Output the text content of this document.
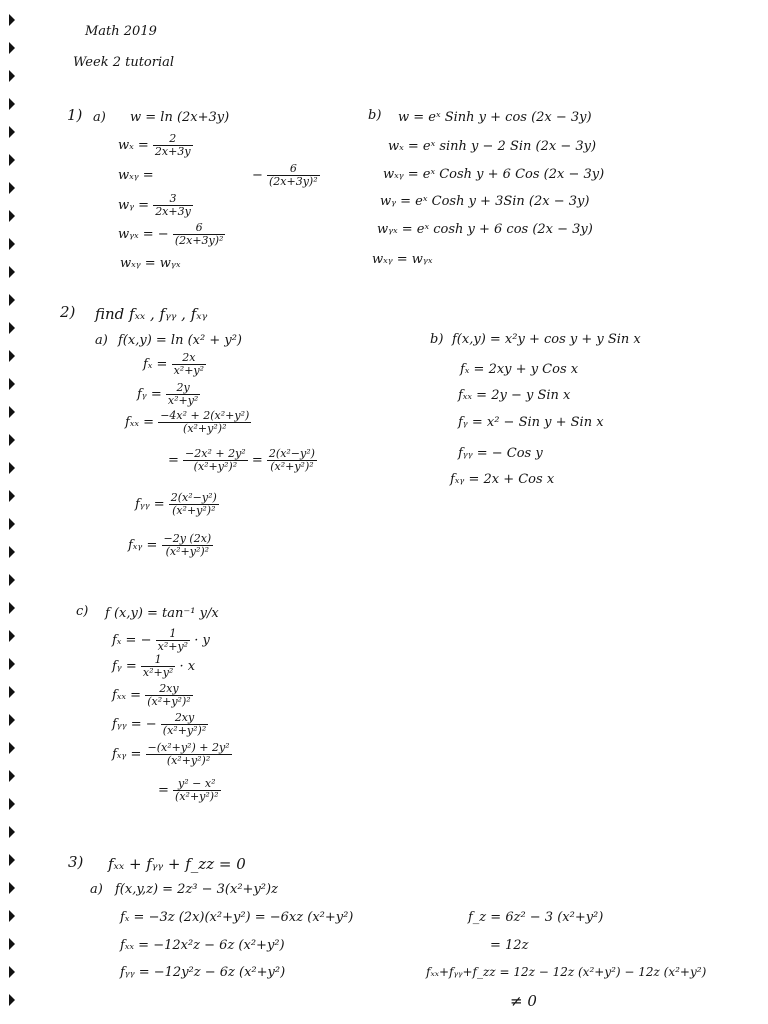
Math 2019
Week 2 tutorial
1) a) w = ln (2x+3y)
$w_x = \frac{2}{2x+3y}$
wₓᵧ =	− $\frac{6}{\text{(2x+3y)²}}$
wᵧ = $\frac{3}{2x+3y}$
wᵧₓ = − $\frac{6}{\text{(2x+3y)²}}$
wₓᵧ = wᵧₓ
b) w = eˣ Sinh y + cos (2x − 3y)
wₓ = eˣ sinh y − 2 Sin (2x − 3y)
wₓᵧ = eˣ Cosh y + 6 Cos (2x − 3y)
wᵧ = eˣ Cosh y + 3Sin (2x − 3y)
wᵧₓ = eˣ cosh y + 6 cos (2x − 3y)
wₓᵧ = wᵧₓ
2) find fₓₓ , fᵧᵧ , fₓᵧ
a) f(x,y) = ln (x² + y²)
$f_x = \frac{2x}{\text{x²+y²}}$
fᵧ = $\frac{2y}{\text{x²+y²}}$
$f_{xx} = \frac{\text{−4x² + 2(x²+y²)}}{\text{(x²+y²)²}}$
= $\frac{\text{−2x² + 2y²}}{\text{(x²+y²)²}} = \frac{\text{2(x²−y²)}}{\text{(x²+y²)²}}$
fᵧᵧ = $\frac{\text{2(x²−y²)}}{\text{(x²+y²)²}}$
fₓᵧ = $\frac{-2y (2x)}{\text{(x²+y²)²}}$
b) f(x,y) = x²y + cos y + y Sin x
fₓ = 2xy + y Cos x
fₓₓ = 2y − y Sin x
fᵧ = x² − Sin y + Sin x
fᵧᵧ = − Cos y
fₓᵧ = 2x + Cos x
c) f (x,y) = tan⁻¹ y/x
fₓ = − $\frac{1}{\text{x²+y²}} \cdot y$
fᵧ = $\frac{1}{\text{x²+y²}} \cdot x$
$f_{xx} = \frac{2xy}{\text{(x²+y²)²}}$
fᵧᵧ = − $\frac{2xy}{\text{(x²+y²)²}}$
fₓᵧ = $\frac{\text{−(x²+y²) + 2y²}}{\text{(x²+y²)²}}$
= $\frac{\text{y² − x²}}{\text{(x²+y²)²}}$
3) fₓₓ + fᵧᵧ + f_zz = 0
a) f(x,y,z) = 2z³ − 3(x²+y²)z
fₓ = −3z (2x)(x²+y²) = −6xz (x²+y²)
fₓₓ = −12x²z − 6z (x²+y²)
fᵧᵧ = −12y²z − 6z (x²+y²)
f_z = 6z² − 3 (x²+y²)
= 12z
fₓₓ+fᵧᵧ+f_zz = 12z − 12z (x²+y²) − 12z (x²+y²)
≠ 0
